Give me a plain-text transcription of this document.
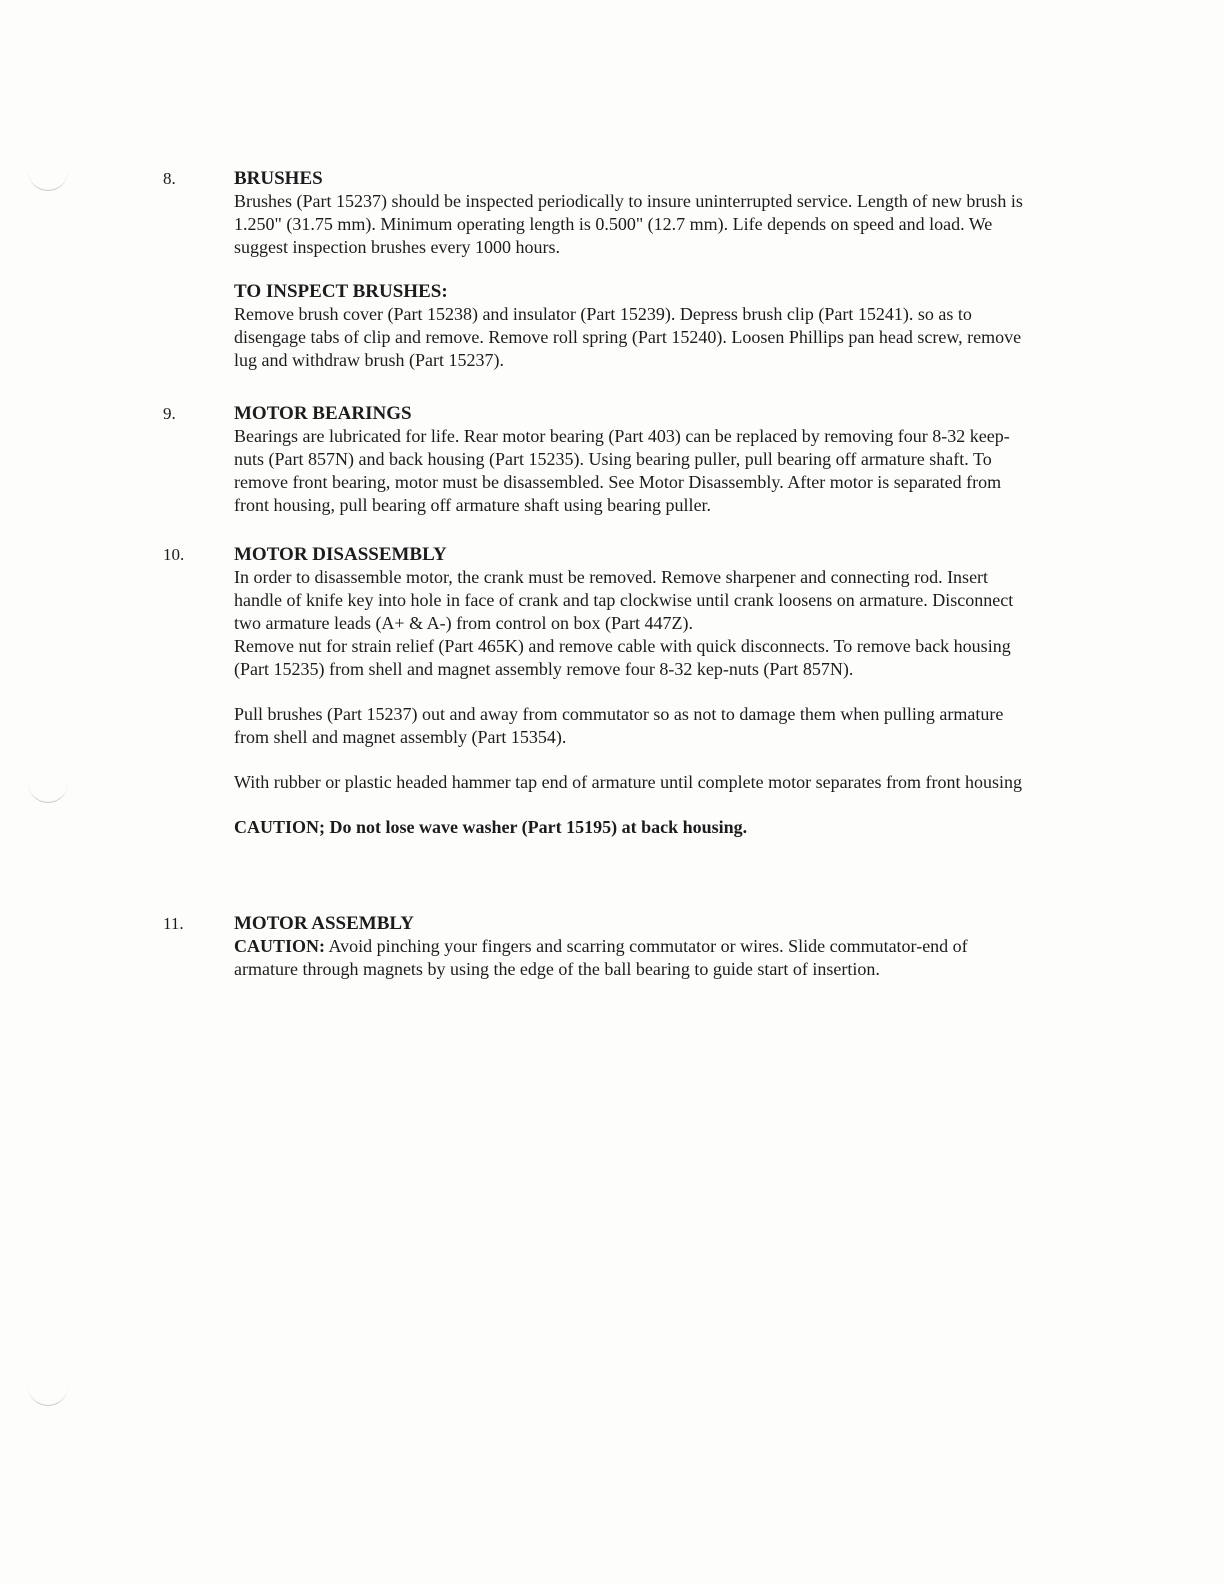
8.	BRUSHES

Brushes (Part 15237) should be inspected periodically to insure uninterrupted service. Length of new brush is 1.250" (31.75 mm). Minimum operating length is 0.500" (12.7 mm). Life depends on speed and load. We suggest inspection brushes every 1000 hours.

TO INSPECT BRUSHES:

Remove brush cover (Part 15238) and insulator (Part 15239). Depress brush clip (Part 15241). so as to disengage tabs of clip and remove. Remove roll spring (Part 15240). Loosen Phillips pan head screw, remove lug and withdraw brush (Part 15237).

9.	MOTOR BEARINGS

Bearings are lubricated for life. Rear motor bearing (Part 403) can be replaced by removing four 8-32 keep-nuts (Part 857N) and back housing (Part 15235). Using bearing puller, pull bearing off armature shaft. To remove front bearing, motor must be disassembled. See Motor Disassembly. After motor is separated from front housing, pull bearing off armature shaft using bearing puller.

10.	MOTOR DISASSEMBLY

In order to disassemble motor, the crank must be removed. Remove sharpener and connecting rod. Insert handle of knife key into hole in face of crank and tap clockwise until crank loosens on armature. Disconnect two armature leads (A+ & A-) from control on box (Part 447Z).

Remove nut for strain relief (Part 465K) and remove cable with quick disconnects. To remove back housing (Part 15235) from shell and magnet assembly remove four 8-32 kep-nuts (Part 857N).

Pull brushes (Part 15237) out and away from commutator so as not to damage them when pulling armature from shell and magnet assembly (Part 15354).

With rubber or plastic headed hammer tap end of armature until complete motor separates from front housing

CAUTION; Do not lose wave washer (Part 15195) at back housing.

11.	MOTOR ASSEMBLY

CAUTION: Avoid pinching your fingers and scarring commutator or wires. Slide commutator-end of armature through magnets by using the edge of the ball bearing to guide start of insertion.
